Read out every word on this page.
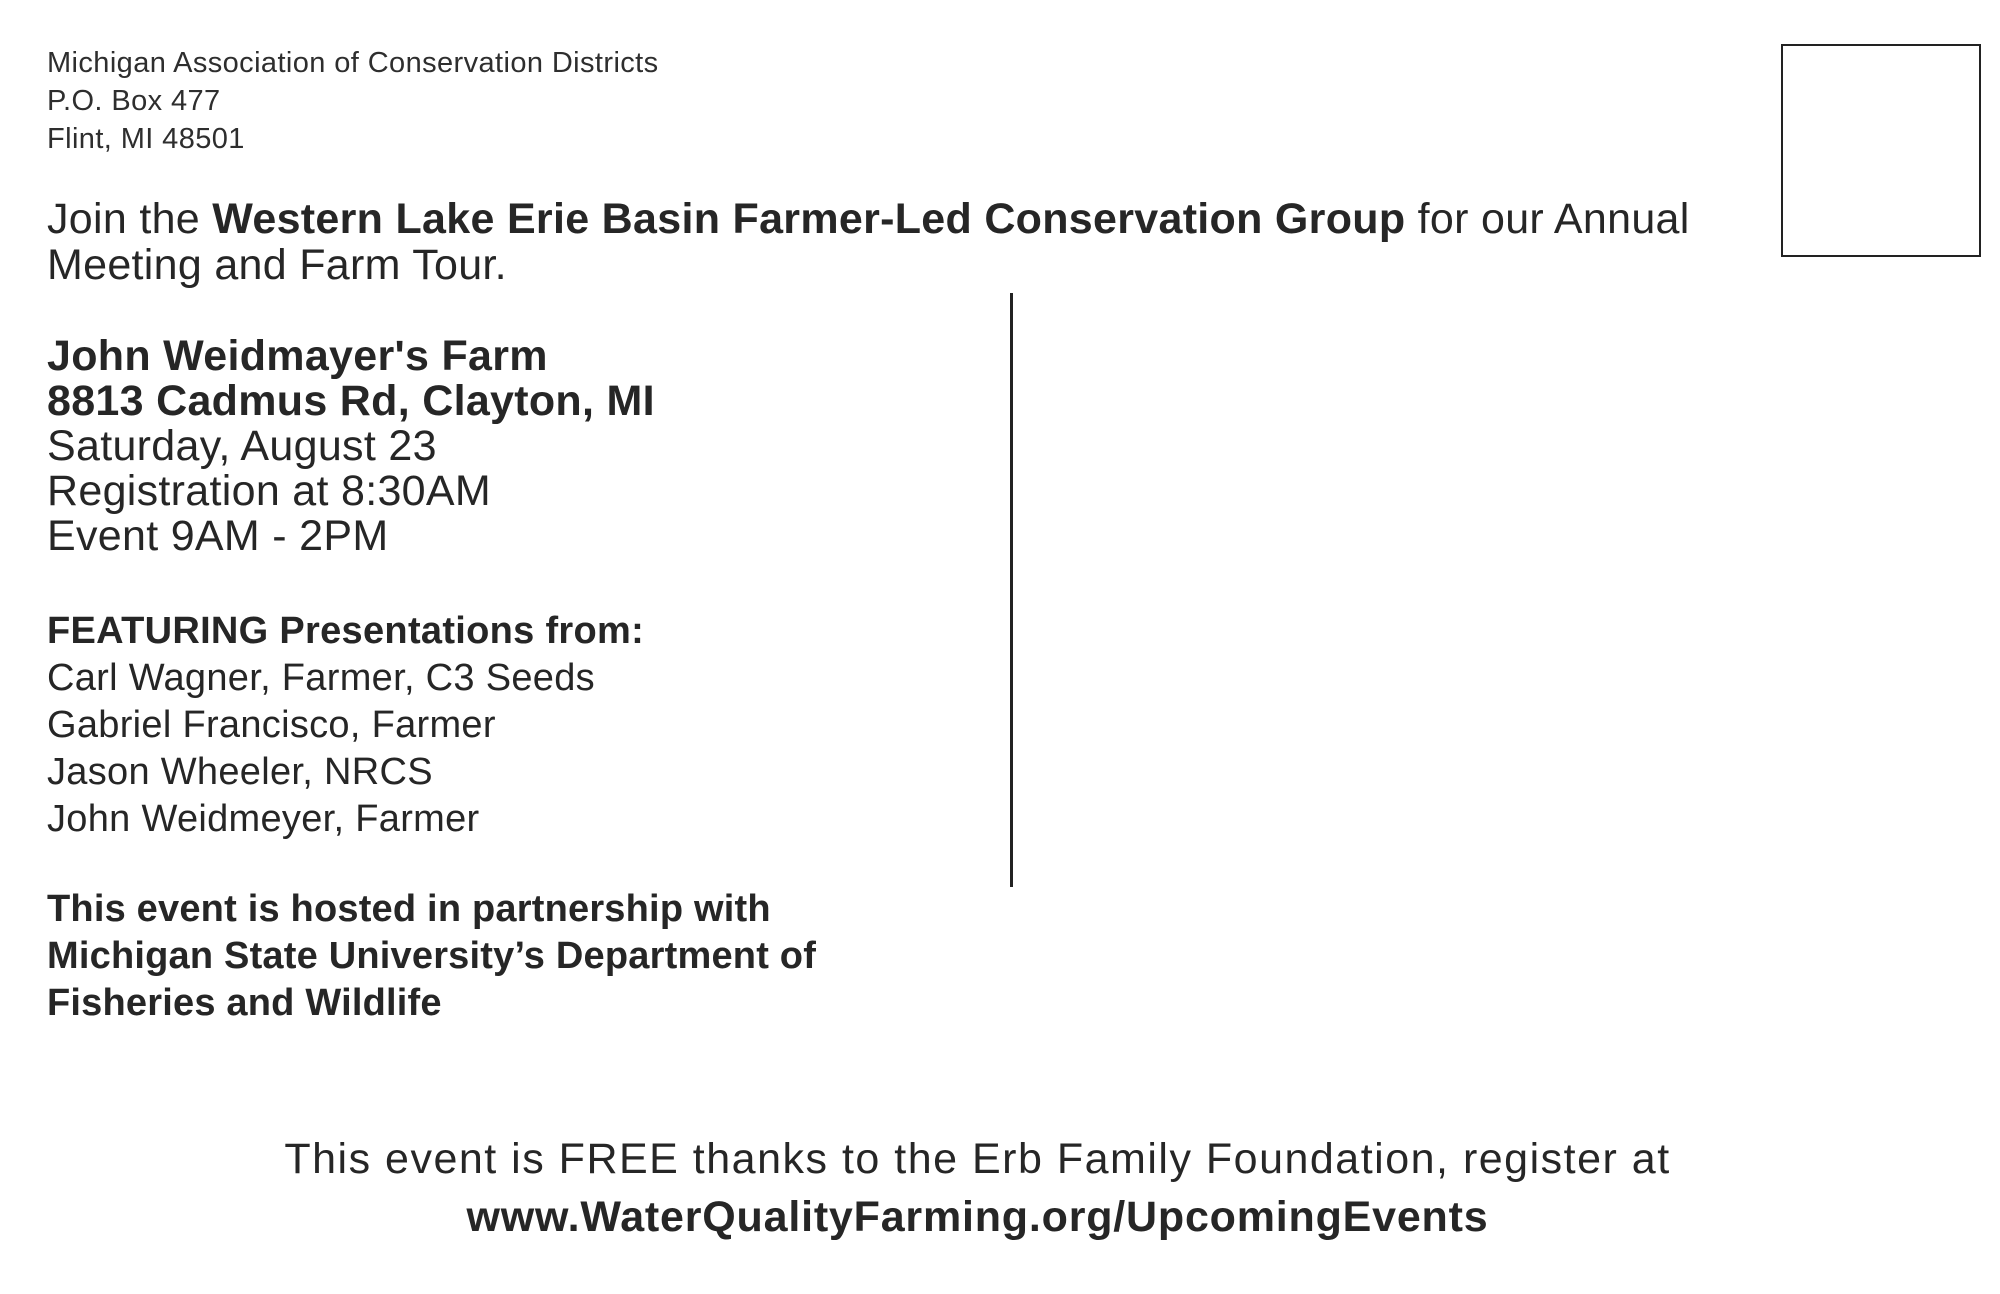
Michigan Association of Conservation Districts
P.O. Box 477
Flint, MI 48501
Join the Western Lake Erie Basin Farmer-Led Conservation Group for our Annual Meeting and Farm Tour.
John Weidmayer's Farm
8813 Cadmus Rd, Clayton, MI
Saturday, August 23
Registration at 8:30AM
Event 9AM - 2PM
FEATURING Presentations from:
Carl Wagner, Farmer, C3 Seeds
Gabriel Francisco, Farmer
Jason Wheeler, NRCS
John Weidmeyer, Farmer
This event is hosted in partnership with
Michigan State University’s Department of
Fisheries and Wildlife
This event is FREE thanks to the Erb Family Foundation, register at
www.WaterQualityFarming.org/UpcomingEvents
